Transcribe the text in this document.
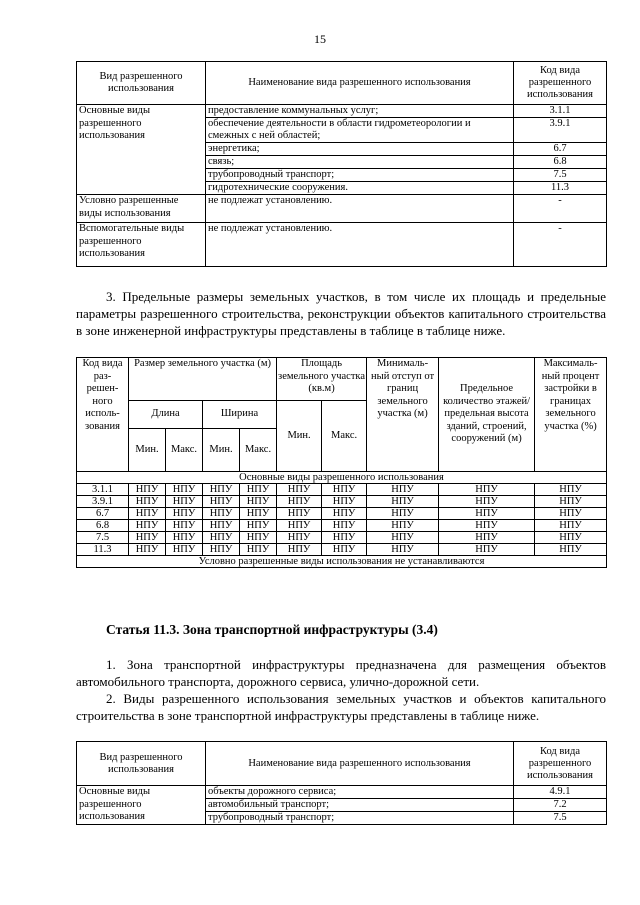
15
Вид разрешенного использования	Наименование вида разрешенного использования	Код вида разрешенного использования
Основные виды разрешенного использования	предоставление коммунальных услуг;	3.1.1
	обеспечение деятельности в области гидрометеорологии и смежных с ней областей;	3.9.1
	энергетика;	6.7
	связь;	6.8
	трубопроводный транспорт;	7.5
	гидротехнические сооружения.	11.3
Условно разрешенные виды использования	не подлежат установлению.	-
Вспомогательные виды разрешенного использования	не подлежат установлению.	-

3. Предельные размеры земельных участков, в том числе их площадь и предельные параметры разрешенного строительства, реконструкции объектов капитального строительства в зоне инженерной инфраструктуры представлены в таблице в таблице ниже.

Код вида раз-решен-ного исполь-зования	Размер земельного участка (м)				Площадь земельного участка (кв.м)		Минималь-ный отступ от границ земельного участка (м)	Предельное количество этажей/ предельная высота зданий, строений, сооружений (м)	Максималь-ный процент застройки в границах земельного участка (%)
	Длина		Ширина		Мин.	Макс.			
	Мин.	Макс.	Мин.	Макс.					
Основные виды разрешенного использования									
3.1.1	НПУ	НПУ	НПУ	НПУ	НПУ	НПУ	НПУ	НПУ	НПУ
3.9.1	НПУ	НПУ	НПУ	НПУ	НПУ	НПУ	НПУ	НПУ	НПУ
6.7	НПУ	НПУ	НПУ	НПУ	НПУ	НПУ	НПУ	НПУ	НПУ
6.8	НПУ	НПУ	НПУ	НПУ	НПУ	НПУ	НПУ	НПУ	НПУ
7.5	НПУ	НПУ	НПУ	НПУ	НПУ	НПУ	НПУ	НПУ	НПУ
11.3	НПУ	НПУ	НПУ	НПУ	НПУ	НПУ	НПУ	НПУ	НПУ
Условно разрешенные виды использования не устанавливаются									
Статья 11.3. Зона транспортной инфраструктуры (3.4)

1. Зона транспортной инфраструктуры предназначена для размещения объектов автомобильного транспорта, дорожного сервиса, улично-дорожной сети.

2. Виды разрешенного использования земельных участков и объектов капитального строительства в зоне транспортной инфраструктуры представлены в таблице ниже.

Вид разрешенного использования	Наименование вида разрешенного использования	Код вида разрешенного использования
Основные виды разрешенного использования	объекты дорожного сервиса;	4.9.1
	автомобильный транспорт;	7.2
	трубопроводный транспорт;	7.5
